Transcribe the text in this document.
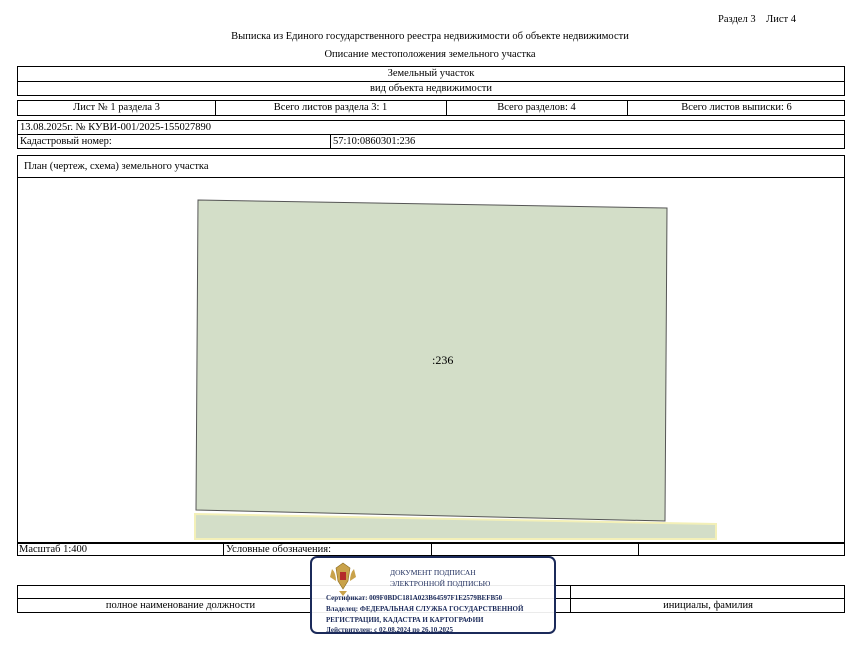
Раздел 3    Лист 4
Выписка из Единого государственного реестра недвижимости об объекте недвижимости
Описание местоположения земельного участка
Земельный участок
вид объекта недвижимости
Лист № 1 раздела 3	Всего листов раздела 3: 1	Всего разделов: 4	Всего листов выписки: 6
13.08.2025г. № КУВИ-001/2025-155027890
Кадастровый номер:	57:10:0860301:236
План (чертеж, схема) земельного участка
:236
Масштаб 1:400	Условные обозначения:
полное наименование должности	инициалы, фамилия
ДОКУМЕНТ ПОДПИСАН
ЭЛЕКТРОННОЙ ПОДПИСЬЮ
Сертификат: 009F0BDC181A023B64597F1E2579BEFB50
Владелец: ФЕДЕРАЛЬНАЯ СЛУЖБА ГОСУДАРСТВЕННОЙ
РЕГИСТРАЦИИ, КАДАСТРА И КАРТОГРАФИИ
Действителен: с 02.08.2024 по 26.10.2025
